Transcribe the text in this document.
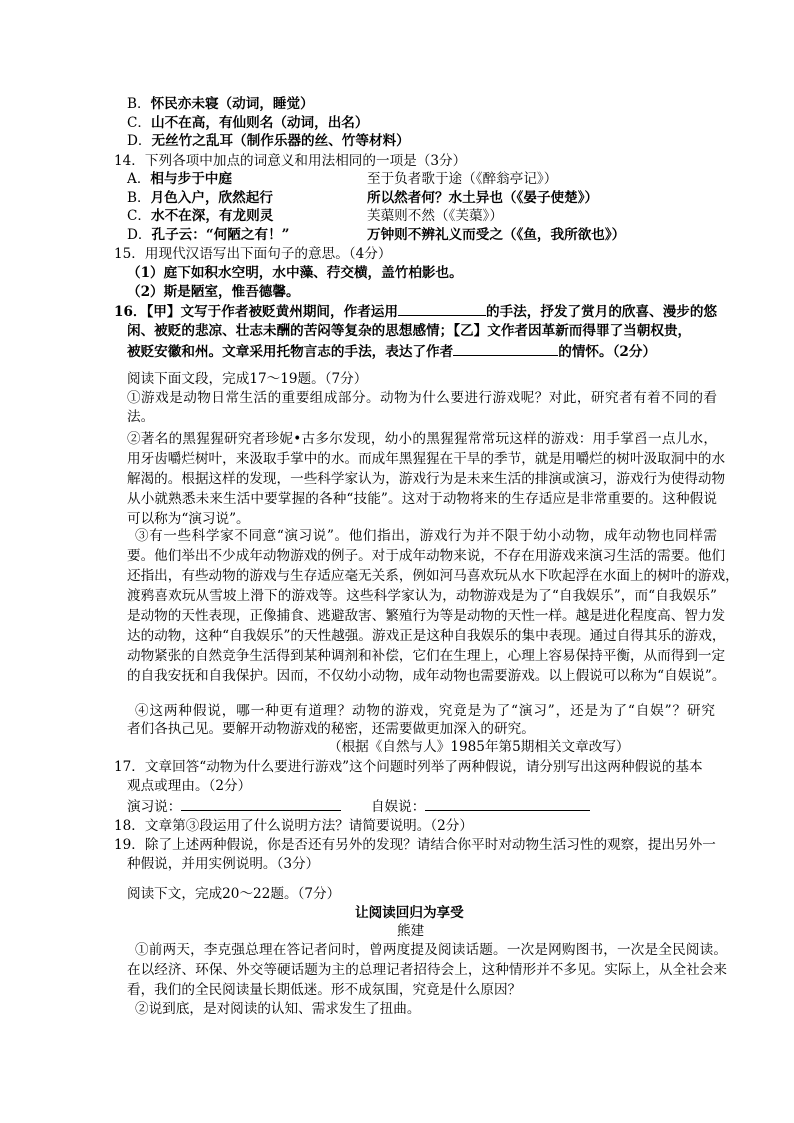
B．怀民亦未寝（动词，睡觉）
C．山不在高，有仙则名（动词，出名）
D．无丝竹之乱耳（制作乐器的丝、竹等材料）
14．下列各项中加点的词意义和用法相同的一项是（3分）
A．相与步于中庭	至于负者歌于途（《醉翁亭记》）
B．月色入户，欣然起行	所以然者何？水土异也（《晏子使楚》）
C．水不在深，有龙则灵	芙蕖则不然（《芙蕖》）
D．孔子云：“何陋之有！”	万钟则不辨礼义而受之（《鱼，我所欲也》）
15．用现代汉语写出下面句子的意思。（4分）
（1）庭下如积水空明，水中藻、荇交横，盖竹柏影也。
（2）斯是陋室，惟吾德馨。
16．【甲】文写于作者被贬黄州期间，作者运用	的手法，抒发了赏月的欣喜、漫步的悠
闲、被贬的悲凉、壮志未酬的苦闷等复杂的思想感情；【乙】文作者因革新而得罪了当朝权贵，
被贬安徽和州。文章采用托物言志的手法，表达了作者	的情怀。（2分）
阅读下面文段，完成17～19题。（7分）
①游戏是动物日常生活的重要组成部分。动物为什么要进行游戏呢？对此，研究者有着不同的看
法。
②著名的黑猩猩研究者珍妮•古多尔发现，幼小的黑猩猩常常玩这样的游戏：用手掌舀一点儿水，
用牙齿嚼烂树叶，来汲取手掌中的水。而成年黑猩猩在干旱的季节，就是用嚼烂的树叶汲取洞中的水
解渴的。根据这样的发现，一些科学家认为，游戏行为是未来生活的排演或演习，游戏行为使得动物
从小就熟悉未来生活中要掌握的各种“技能”。这对于动物将来的生存适应是非常重要的。这种假说
可以称为“演习说”。
③有一些科学家不同意“演习说”。他们指出，游戏行为并不限于幼小动物，成年动物也同样需
要。他们举出不少成年动物游戏的例子。对于成年动物来说，不存在用游戏来演习生活的需要。他们
还指出，有些动物的游戏与生存适应毫无关系，例如河马喜欢玩从水下吹起浮在水面上的树叶的游戏，
渡鸦喜欢玩从雪坡上滑下的游戏等。这些科学家认为，动物游戏是为了“自我娱乐”，而“自我娱乐”
是动物的天性表现，正像捕食、逃避敌害、繁殖行为等是动物的天性一样。越是进化程度高、智力发
达的动物，这种“自我娱乐”的天性越强。游戏正是这种自我娱乐的集中表现。通过自得其乐的游戏，
动物紧张的自然竞争生活得到某种调剂和补偿，它们在生理上，心理上容易保持平衡，从而得到一定
的自我安抚和自我保护。因而，不仅幼小动物，成年动物也需要游戏。以上假说可以称为“自娱说”。
④这两种假说，哪一种更有道理？动物的游戏，究竟是为了“演习”，还是为了“自娱”？研究
者们各执己见。要解开动物游戏的秘密，还需要做更加深入的研究。
（根据《自然与人》1985年第5期相关文章改写）
17．文章回答“动物为什么要进行游戏”这个问题时列举了两种假说，请分别写出这两种假说的基本
观点或理由。（2分）
演习说：	自娱说：
18．文章第③段运用了什么说明方法？请简要说明。（2分）
19．除了上述两种假说，你是否还有另外的发现？请结合你平时对动物生活习性的观察，提出另外一
种假说，并用实例说明。（3分）
阅读下文，完成20～22题。（7分）
让阅读回归为享受
熊建
①前两天，李克强总理在答记者问时，曾两度提及阅读话题。一次是网购图书，一次是全民阅读。
在以经济、环保、外交等硬话题为主的总理记者招待会上，这种情形并不多见。实际上，从全社会来
看，我们的全民阅读量长期低迷。形不成氛围，究竟是什么原因？
②说到底，是对阅读的认知、需求发生了扭曲。
